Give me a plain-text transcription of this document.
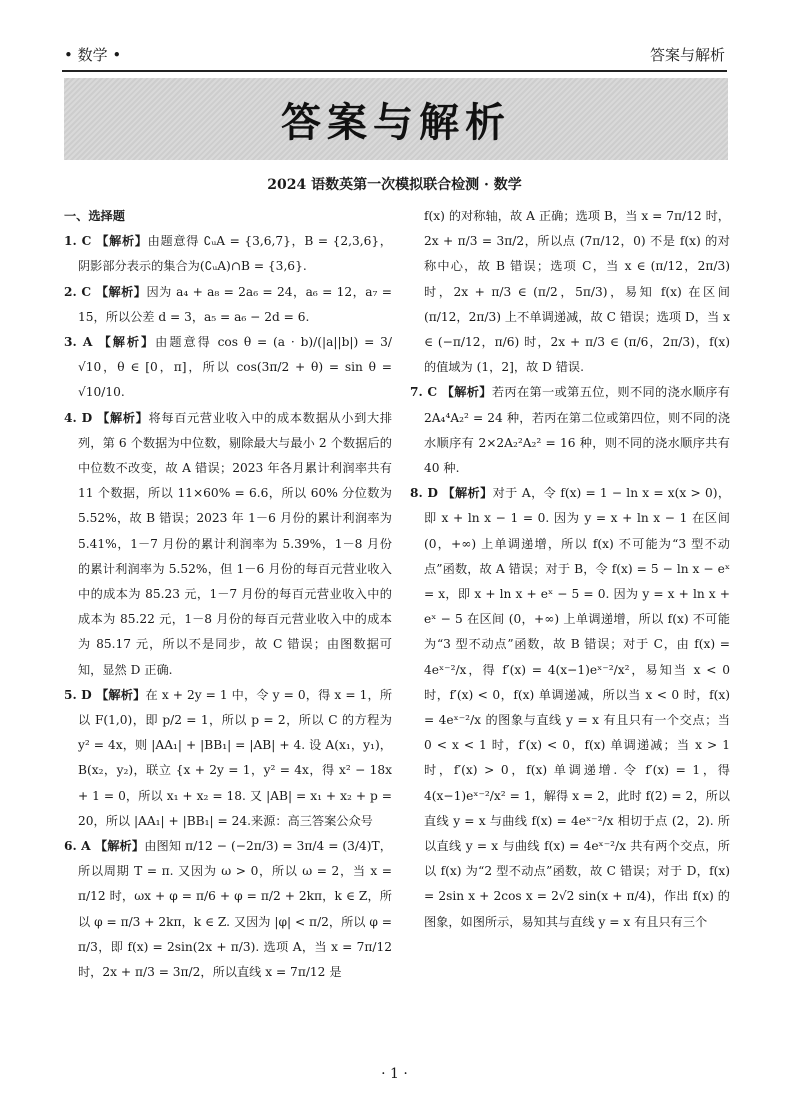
• 数学 •	答案与解析
答案与解析
2024 语数英第一次模拟联合检测 · 数学

一、选择题

1. C 【解析】由题意得 ∁ᵤA = {3,6,7}，B = {2,3,6}，阴影部分表示的集合为(∁ᵤA)∩B = {3,6}.

2. C 【解析】因为 a₄ + a₈ = 2a₆ = 24，a₆ = 12，a₇ = 15，所以公差 d = 3，a₅ = a₆ − 2d = 6.

3. A 【解析】由题意得 cos θ = (a · b)/(|a||b|) = 3/√10，θ ∈ [0，π]，所以 cos(3π/2 + θ) = sin θ = √10/10.

4. D 【解析】将每百元营业收入中的成本数据从小到大排列，第 6 个数据为中位数，剔除最大与最小 2 个数据后的中位数不改变，故 A 错误；2023 年各月累计利润率共有 11 个数据，所以 11×60% = 6.6，所以 60% 分位数为 5.52%，故 B 错误；2023 年 1－6 月份的累计利润率为 5.41%，1－7 月份的累计利润率为 5.39%，1－8 月份的累计利润率为 5.52%，但 1－6 月份的每百元营业收入中的成本为 85.23 元，1－7 月份的每百元营业收入中的成本为 85.22 元，1－8 月份的每百元营业收入中的成本为 85.17 元，所以不是同步，故 C 错误；由图数据可知，显然 D 正确.

5. D 【解析】在 x + 2y = 1 中，令 y = 0，得 x = 1，所以 F(1,0)，即 p/2 = 1，所以 p = 2，所以 C 的方程为 y² = 4x，则 |AA₁| + |BB₁| = |AB| + 4. 设 A(x₁，y₁)，B(x₂，y₂)，联立 {x + 2y = 1，y² = 4x，得 x² − 18x + 1 = 0，所以 x₁ + x₂ = 18. 又 |AB| = x₁ + x₂ + p = 20，所以 |AA₁| + |BB₁| = 24.来源：高三答案公众号

6. A 【解析】由图知 π/12 − (−2π/3) = 3π/4 = (3/4)T，所以周期 T = π. 又因为 ω > 0，所以 ω = 2，当 x = π/12 时，ωx + φ = π/6 + φ = π/2 + 2kπ，k ∈ Z，所以 φ = π/3 + 2kπ，k ∈ Z. 又因为 |φ| < π/2，所以 φ = π/3，即 f(x) = 2sin(2x + π/3). 选项 A，当 x = 7π/12 时，2x + π/3 = 3π/2，所以直线 x = 7π/12 是

f(x) 的对称轴，故 A 正确；选项 B，当 x = 7π/12 时，2x + π/3 = 3π/2，所以点 (7π/12，0) 不是 f(x) 的对称中心，故 B 错误；选项 C，当 x ∈ (π/12，2π/3) 时，2x + π/3 ∈ (π/2，5π/3)，易知 f(x) 在区间 (π/12，2π/3) 上不单调递减，故 C 错误；选项 D，当 x ∈ (−π/12，π/6) 时，2x + π/3 ∈ (π/6，2π/3)，f(x) 的值域为 (1，2]，故 D 错误.

7. C 【解析】若丙在第一或第五位，则不同的浇水顺序有 2A₄⁴A₂² = 24 种，若丙在第二位或第四位，则不同的浇水顺序有 2×2A₂²A₂² = 16 种，则不同的浇水顺序共有 40 种.

8. D 【解析】对于 A，令 f(x) = 1 − ln x = x(x > 0)，即 x + ln x − 1 = 0. 因为 y = x + ln x − 1 在区间 (0，+∞) 上单调递增，所以 f(x) 不可能为“3 型不动点”函数，故 A 错误；对于 B，令 f(x) = 5 − ln x − eˣ = x，即 x + ln x + eˣ − 5 = 0. 因为 y = x + ln x + eˣ − 5 在区间 (0，+∞) 上单调递增，所以 f(x) 不可能为“3 型不动点”函数，故 B 错误；对于 C，由 f(x) = 4eˣ⁻²/x，得 f′(x) = 4(x−1)eˣ⁻²/x²，易知当 x < 0 时，f′(x) < 0，f(x) 单调递减，所以当 x < 0 时，f(x) = 4eˣ⁻²/x 的图象与直线 y = x 有且只有一个交点；当 0 < x < 1 时，f′(x) < 0，f(x) 单调递减；当 x > 1 时，f′(x) > 0，f(x) 单调递增. 令 f′(x) = 1，得 4(x−1)eˣ⁻²/x² = 1，解得 x = 2，此时 f(2) = 2，所以直线 y = x 与曲线 f(x) = 4eˣ⁻²/x 相切于点 (2，2). 所以直线 y = x 与曲线 f(x) = 4eˣ⁻²/x 共有两个交点，所以 f(x) 为“2 型不动点”函数，故 C 错误；对于 D，f(x) = 2sin x + 2cos x = 2√2 sin(x + π/4)，作出 f(x) 的图象，如图所示，易知其与直线 y = x 有且只有三个

· 1 ·
